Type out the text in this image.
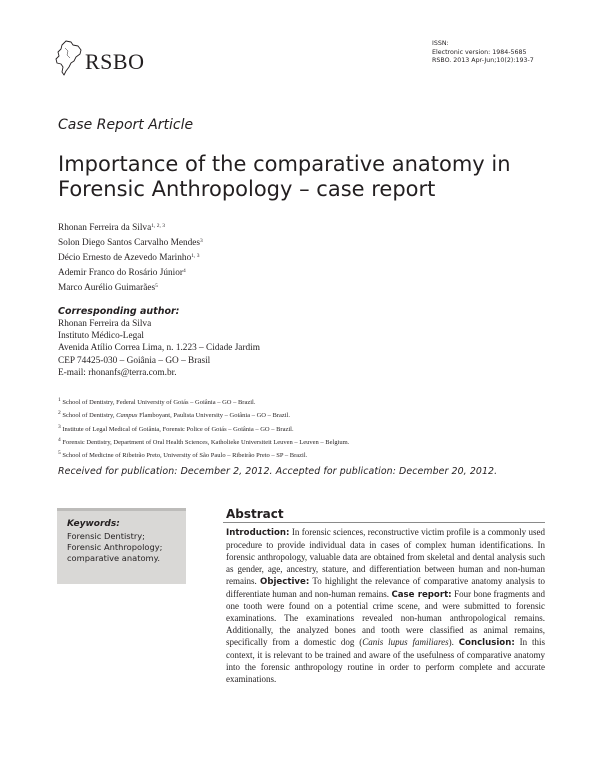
RSBO
ISSN:
Electronic version: 1984-5685
RSBO. 2013 Apr-Jun;10(2):193-7
Case Report Article
Importance of the comparative anatomy in Forensic Anthropology – case report
Rhonan Ferreira da Silva$^{1, 2, 3}$
Solon Diego Santos Carvalho Mendes$^3$
Décio Ernesto de Azevedo Marinho$^{1, 3}$
Ademir Franco do Rosário Júnior$^4$
Marco Aurélio Guimarães$^5$
Corresponding author:
Rhonan Ferreira da Silva
Instituto Médico-Legal
Avenida Atílio Correa Lima, n. 1.223 – Cidade Jardim
CEP 74425-030 – Goiânia – GO – Brasil
E-mail: rhonanfs@terra.com.br.
$^1$ School of Dentistry, Federal University of Goiás – Goiânia – GO – Brazil.
$^2$ School of Dentistry, Campus Flamboyant, Paulista University – Goiânia – GO – Brazil.
$^3$ Institute of Legal Medical of Goiânia, Forensic Police of Goiás – Goiânia – GO – Brazil.
$^4$ Forensic Dentistry, Department of Oral Health Sciences, Katholieke Universiteit Leuven – Leuven – Belgium.
$^5$ School of Medicine of Ribeirão Preto, University of São Paulo – Ribeirão Preto – SP – Brazil.
Received for publication: December 2, 2012. Accepted for publication: December 20, 2012.
Keywords:
Forensic Dentistry;
Forensic Anthropology;
comparative anatomy.
Abstract
Introduction: In forensic sciences, reconstructive victim profile is a commonly used procedure to provide individual data in cases of complex human identifications. In forensic anthropology, valuable data are obtained from skeletal and dental analysis such as gender, age, ancestry, stature, and differentiation between human and non-human remains. Objective: To highlight the relevance of comparative anatomy analysis to differentiate human and non-human remains. Case report: Four bone fragments and one tooth were found on a potential crime scene, and were submitted to forensic examinations. The examinations revealed non-human anthropological remains. Additionally, the analyzed bones and tooth were classified as animal remains, specifically from a domestic dog (Canis lupus familiares). Conclusion: In this context, it is relevant to be trained and aware of the usefulness of comparative anatomy into the forensic anthropology routine in order to perform complete and accurate examinations.
